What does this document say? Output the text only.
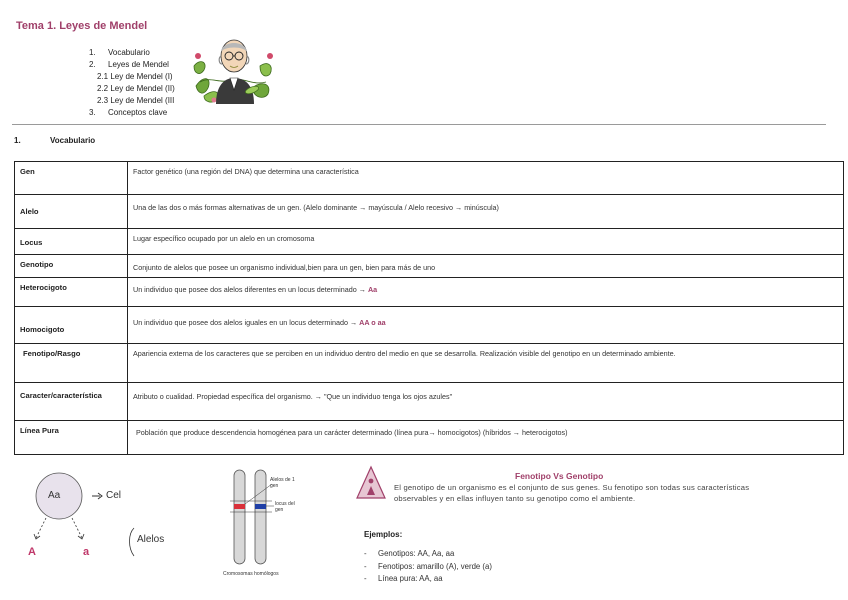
Tema 1. Leyes de Mendel
1. Vocabulario
2. Leyes de Mendel
2.1 Ley de Mendel (I)
2.2 Ley de Mendel (II)
2.3 Ley de Mendel (III
3. Conceptos clave
1.	Vocabulario
Gen	Factor genético (una región del DNA) que determina una característica
Alelo	Una de las dos o más formas alternativas de un gen. (Alelo dominante → mayúscula / Alelo recesivo → minúscula)
Locus	Lugar específico ocupado por un alelo en un cromosoma
Genotipo	Conjunto de alelos que posee un organismo individual,bien para un gen, bien para más de uno
Heterocigoto	Un individuo que posee dos alelos diferentes en un locus determinado → Aa
Homocigoto	Un individuo que posee dos alelos iguales en un locus determinado → AA o aa
Fenotipo/Rasgo	Apariencia externa de los caracteres que se perciben en un individuo dentro del medio en que se desarrolla. Realización visible del genotipo en un determinado ambiente.
Caracter/característica	Atributo o cualidad. Propiedad específica del organismo. → "Que un individuo tenga los ojos azules"
Línea Pura	Población que produce descendencia homogénea para un carácter determinado (línea pura→ homocigotos) (híbridos → heterocigotos)
Aa	Cel
A	a
Alelos
Alelos de 1 gen
locus del gen
Cromosomas homólogos
Fenotipo Vs Genotipo
El genotipo de un organismo es el conjunto de sus genes. Su fenotipo son todas sus características observables y en ellas influyen tanto su genotipo como el ambiente.
Ejemplos:
- Genotipos: AA, Aa, aa
- Fenotipos: amarillo (A), verde (a)
- Línea pura: AA, aa
